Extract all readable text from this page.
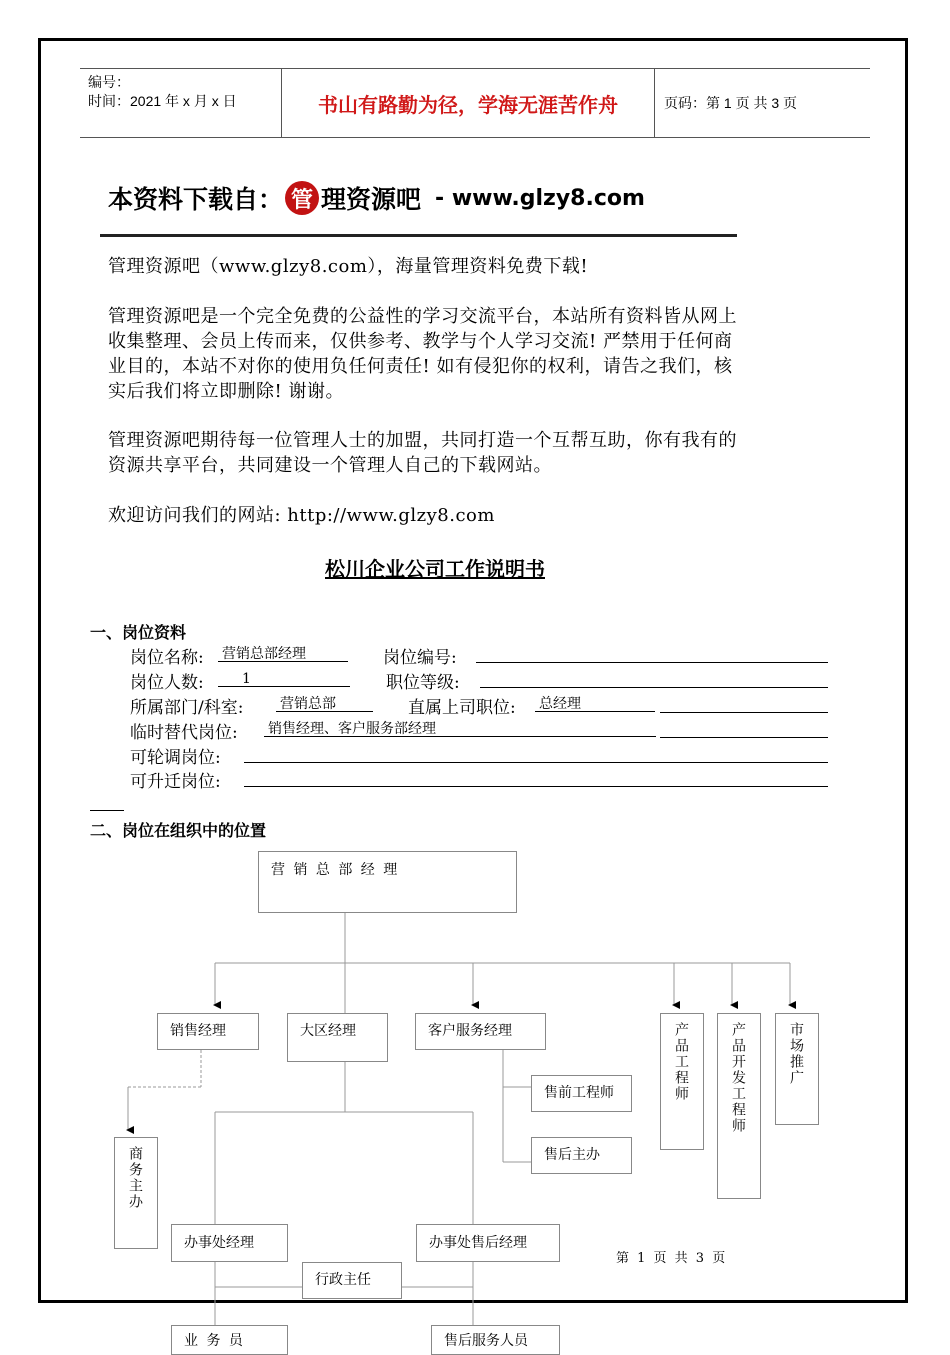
编号：
时间：2021 年 x 月 x 日	书山有路勤为径，学海无涯苦作舟	页码：第 1 页 共 3 页
本资料下载自： 管 理资源吧 - www.glzy8.com
管理资源吧（www.glzy8.com），海量管理资料免费下载!
管理资源吧是一个完全免费的公益性的学习交流平台，本站所有资料皆从网上收集整理、会员上传而来，仅供参考、教学与个人学习交流! 严禁用于任何商业目的，本站不对你的使用负任何责任! 如有侵犯你的权利，请告之我们，核实后我们将立即删除! 谢谢。
管理资源吧期待每一位管理人士的加盟，共同打造一个互帮互助，你有我有的资源共享平台，共同建设一个管理人自己的下载网站。
欢迎访问我们的网站: http://www.glzy8.com
松川企业公司工作说明书
一、岗位资料
岗位名称: 营销总部经理	岗位编号:
岗位人数:	1	职位等级:
所属部门/科室:	营销总部	直属上司职位: 总经理
临时替代岗位: 销售经理、客户服务部经理
可轮调岗位:
可升迁岗位:
二、岗位在组织中的位置
营 销 总 部 经 理
销售经理	大区经理	客户服务经理	产品工程师	产品开发工程师	市场推广
售前工程师
售后主办
商务主办
办事处经理	办事处售后经理
行政主任
业 务 员	售后服务人员
第 1 页 共 3 页
